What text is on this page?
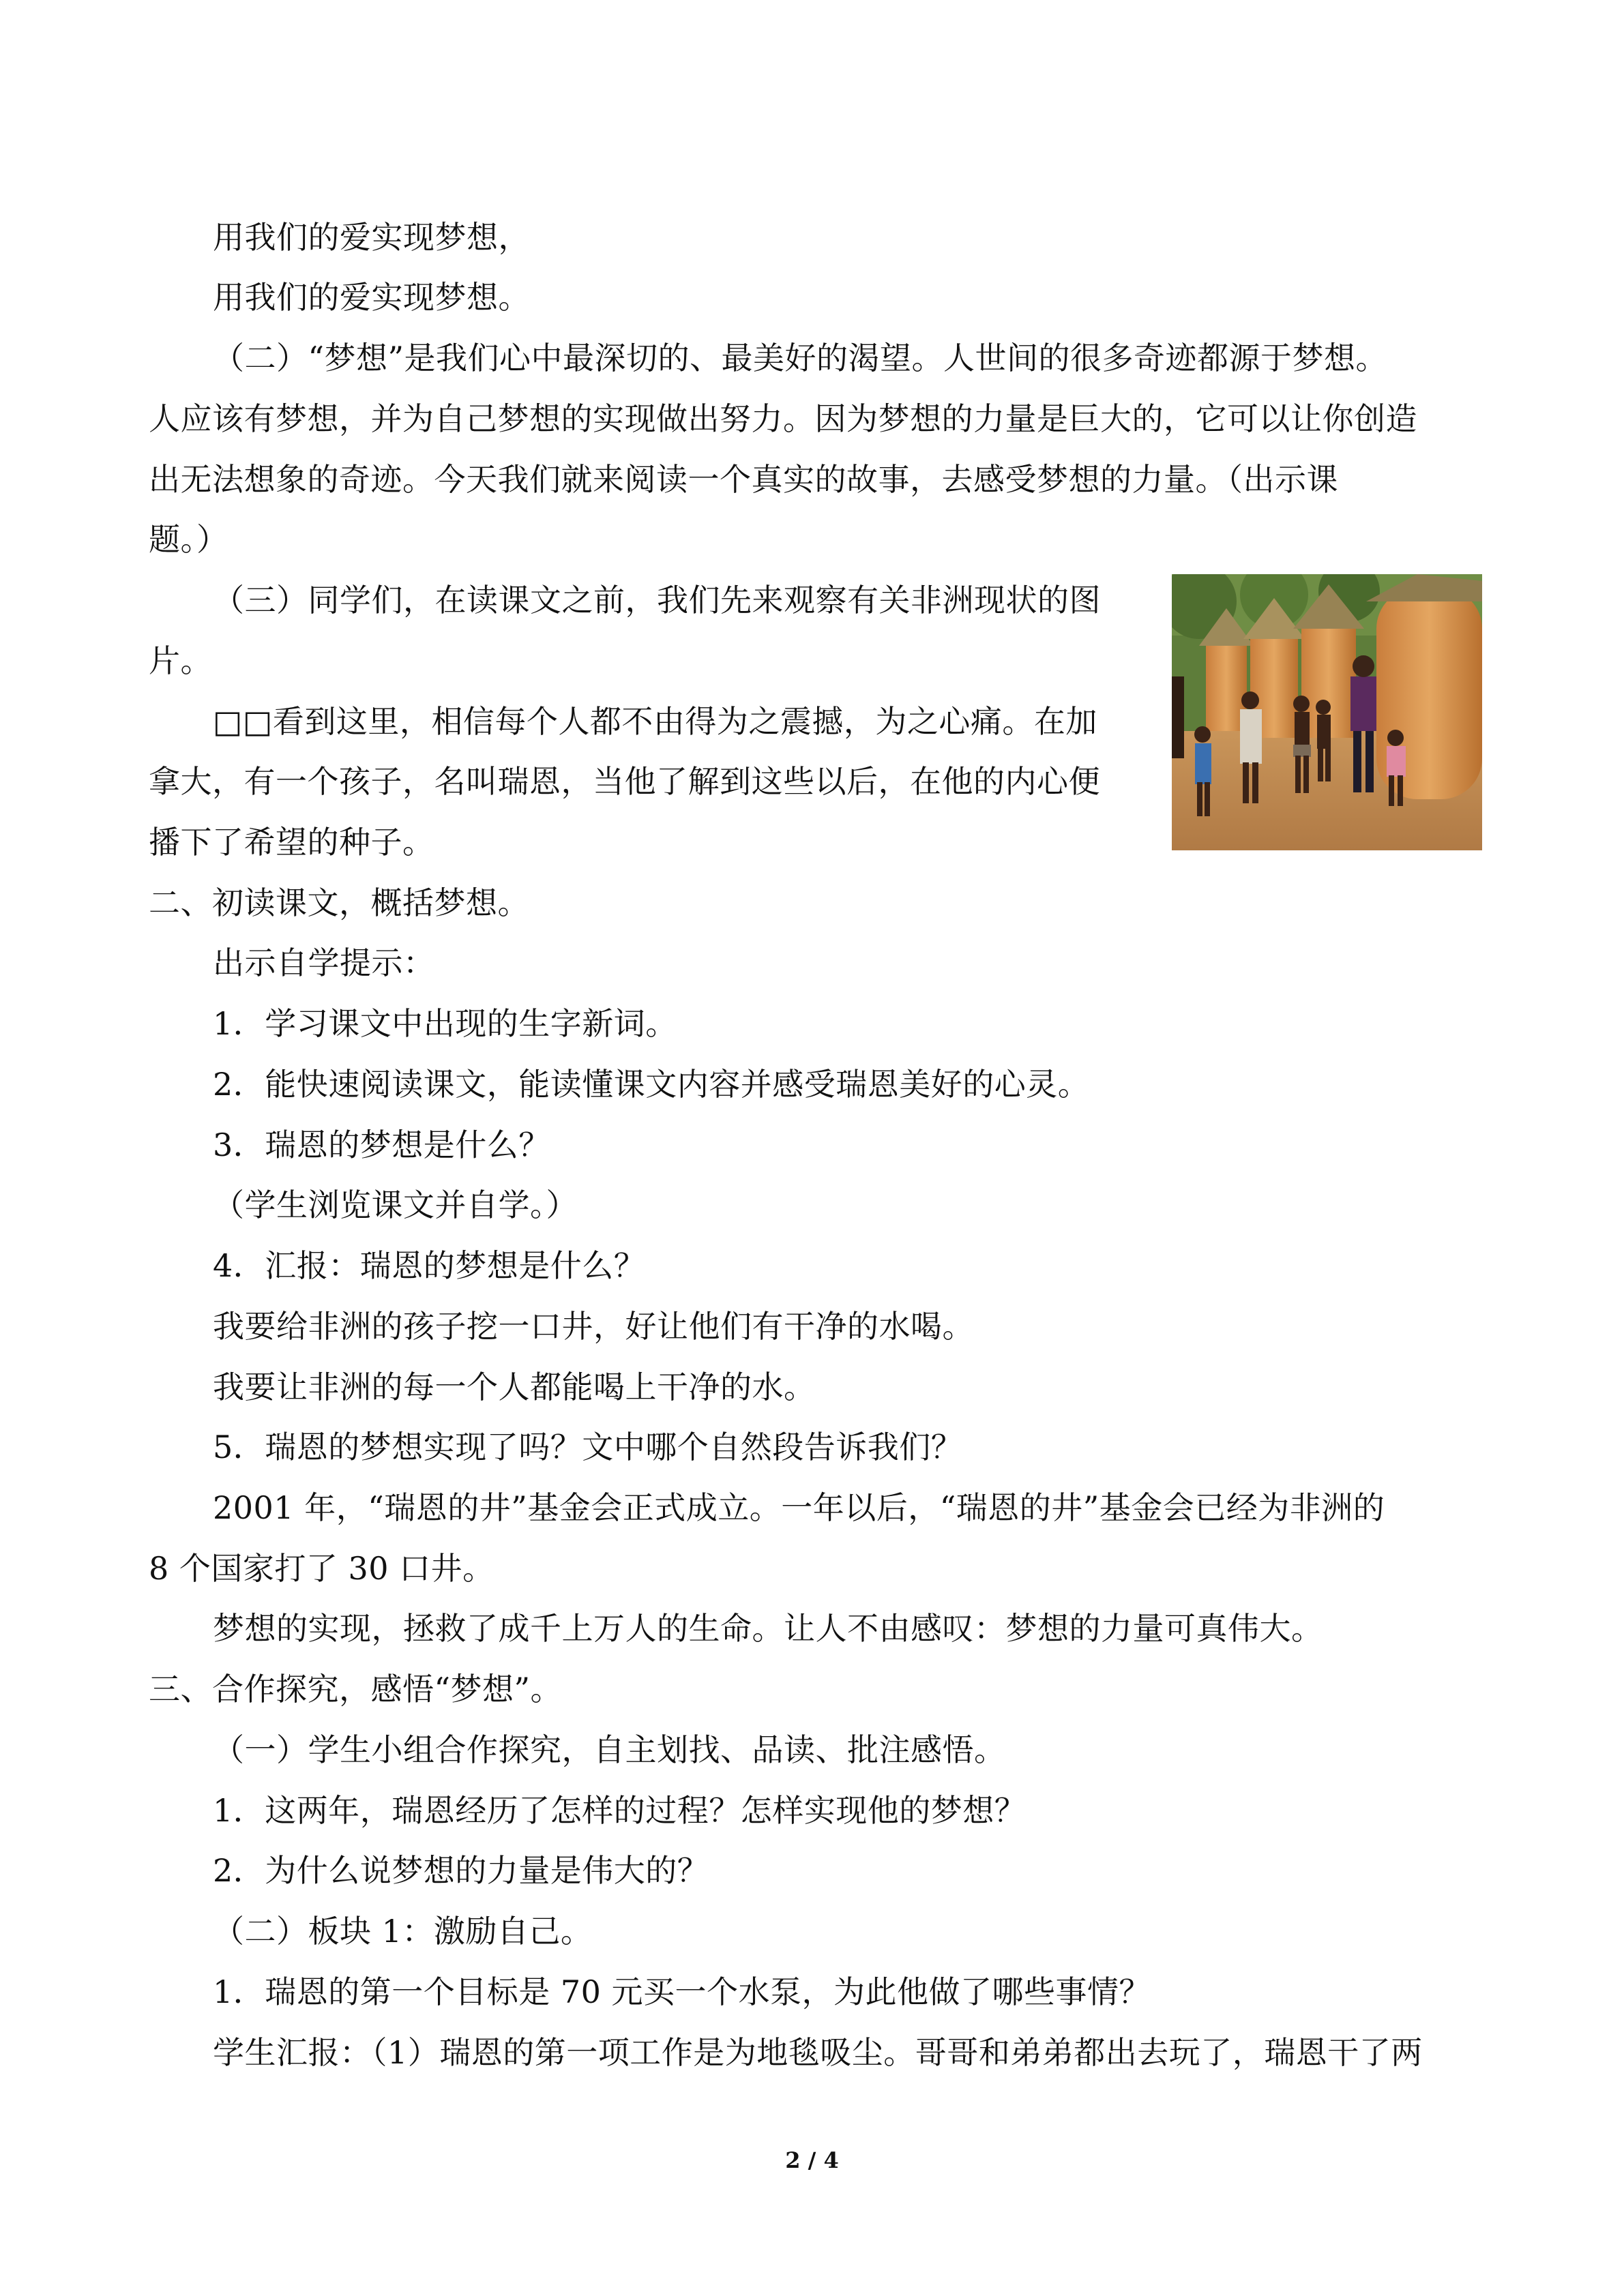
用我们的爱实现梦想，
用我们的爱实现梦想。
（二）“梦想”是我们心中最深切的、最美好的渴望。人世间的很多奇迹都源于梦想。
人应该有梦想，并为自己梦想的实现做出努力。因为梦想的力量是巨大的，它可以让你创造
出无法想象的奇迹。今天我们就来阅读一个真实的故事，去感受梦想的力量。（出示课
题。）
（三）同学们，在读课文之前，我们先来观察有关非洲现状的图
片。
□□看到这里，相信每个人都不由得为之震撼，为之心痛。在加
拿大，有一个孩子，名叫瑞恩，当他了解到这些以后，在他的内心便
播下了希望的种子。
二、初读课文，概括梦想。
出示自学提示：
1．学习课文中出现的生字新词。
2．能快速阅读课文，能读懂课文内容并感受瑞恩美好的心灵。
3．瑞恩的梦想是什么？
（学生浏览课文并自学。）
4．汇报：瑞恩的梦想是什么？
我要给非洲的孩子挖一口井，好让他们有干净的水喝。
我要让非洲的每一个人都能喝上干净的水。
5．瑞恩的梦想实现了吗？文中哪个自然段告诉我们？
2001 年，“瑞恩的井”基金会正式成立。一年以后，“瑞恩的井”基金会已经为非洲的
8 个国家打了 30 口井。
梦想的实现，拯救了成千上万人的生命。让人不由感叹：梦想的力量可真伟大。
三、合作探究，感悟“梦想”。
（一）学生小组合作探究，自主划找、品读、批注感悟。
1．这两年，瑞恩经历了怎样的过程？怎样实现他的梦想？
2．为什么说梦想的力量是伟大的？
（二）板块 1：激励自己。
1．瑞恩的第一个目标是 70 元买一个水泵，为此他做了哪些事情？
学生汇报：（1）瑞恩的第一项工作是为地毯吸尘。哥哥和弟弟都出去玩了，瑞恩干了两
2 / 4
